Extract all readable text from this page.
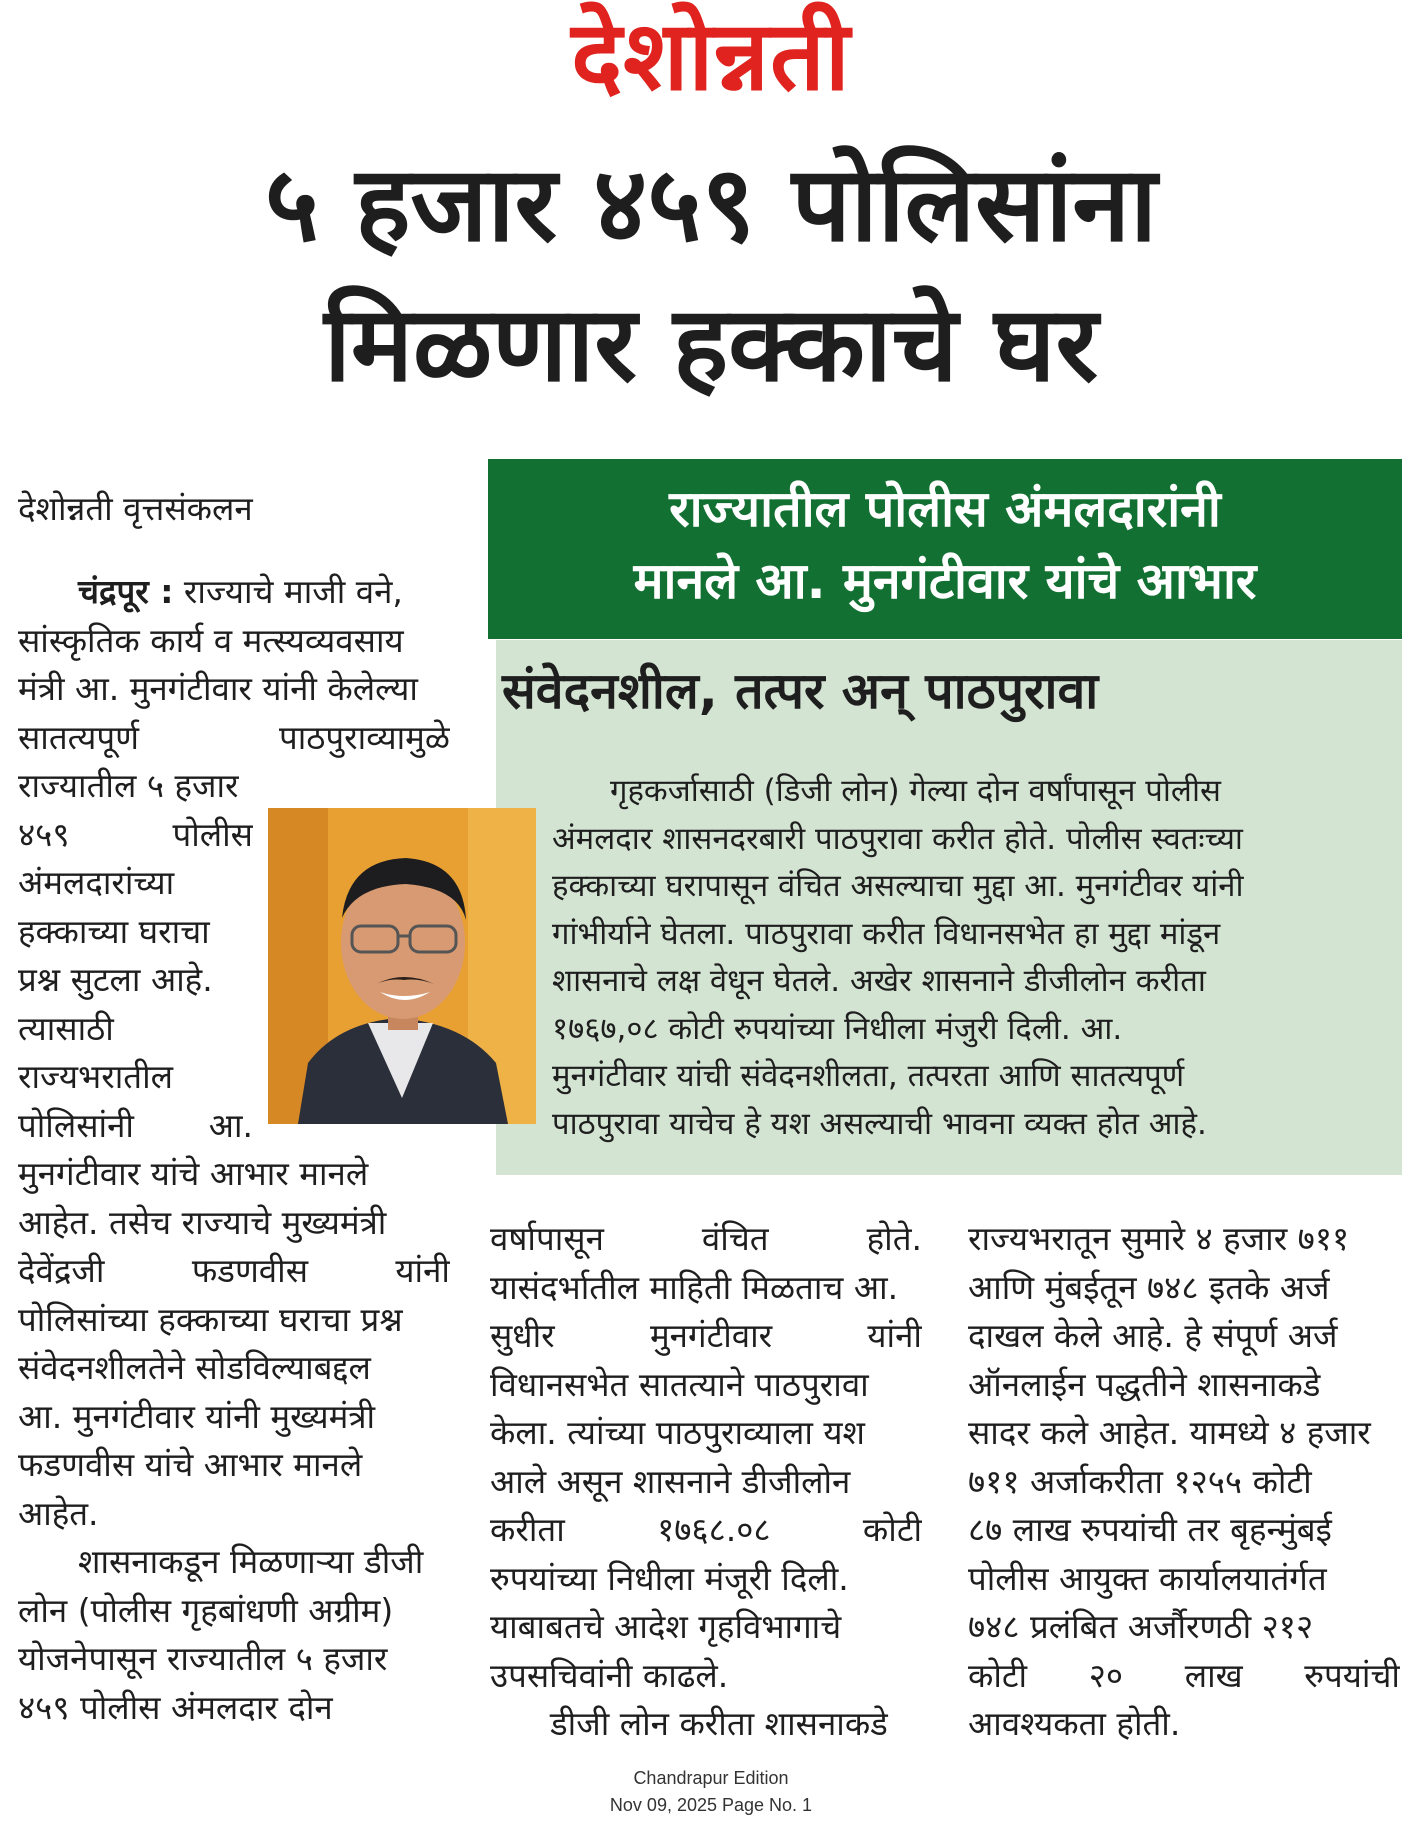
देशोन्नती
५ हजार ४५९ पोलिसांना
मिळणार हक्काचे घर
देशोन्नती वृत्तसंकलन	राज्यातील पोलीस अंमलदारांनी
मानले आ. मुनगंटीवार यांचे आभार
संवेदनशील, तत्पर अन् पाठपुरावा
गृहकर्जासाठी (डिजी लोन) गेल्या दोन वर्षांपासून पोलीस
अंमलदार शासनदरबारी पाठपुरावा करीत होते. पोलीस स्वतःच्या
हक्काच्या घरापासून वंचित असल्याचा मुद्दा आ. मुनगंटीवर यांनी
गांभीर्याने घेतला. पाठपुरावा करीत विधानसभेत हा मुद्दा मांडून
शासनाचे लक्ष वेधून घेतले. अखेर शासनाने डीजीलोन करीता
१७६७,०८ कोटी रुपयांच्या निधीला मंजुरी दिली. आ.
मुनगंटीवार यांची संवेदनशीलता, तत्परता आणि सातत्यपूर्ण
पाठपुरावा याचेच हे यश असल्याची भावना व्यक्त होत आहे.
चंद्रपूर : राज्याचे माजी वने,
सांस्कृतिक कार्य व मत्स्यव्यवसाय
मंत्री आ. मुनगंटीवार यांनी केलेल्या
सातत्यपूर्ण	पाठपुराव्यामुळे
राज्यातील ५ हजार
४५९	पोलीस
अंमलदारांच्या
हक्काच्या घराचा
प्रश्न सुटला आहे.
त्यासाठी
राज्यभरातील
पोलिसांनी आ.
मुनगंटीवार यांचे आभार मानले
आहेत. तसेच राज्याचे मुख्यमंत्री
देवेंद्रजी	फडणवीस	यांनी
पोलिसांच्या हक्काच्या घराचा प्रश्न
संवेदनशीलतेने सोडविल्याबद्दल
आ. मुनगंटीवार यांनी मुख्यमंत्री
फडणवीस यांचे आभार मानले
आहेत.
शासनाकडून मिळणाऱ्या डीजी
लोन (पोलीस गृहबांधणी अग्रीम)
योजनेपासून राज्यातील ५ हजार
४५९ पोलीस अंमलदार दोन
वर्षापासून	वंचित	होते.
यासंदर्भातील माहिती मिळताच आ.
सुधीर	मुनगंटीवार	यांनी
विधानसभेत सातत्याने पाठपुरावा
केला. त्यांच्या पाठपुराव्याला यश
आले असून शासनाने डीजीलोन
करीता	१७६८.०८	कोटी
रुपयांच्या निधीला मंजूरी दिली.
याबाबतचे आदेश गृहविभागाचे
उपसचिवांनी काढले.
डीजी लोन करीता शासनाकडे
राज्यभरातून सुमारे ४ हजार ७११
आणि मुंबईतून ७४८ इतके अर्ज
दाखल केले आहे. हे संपूर्ण अर्ज
ऑनलाईन पद्धतीने शासनाकडे
सादर कले आहेत. यामध्ये ४ हजार
७११ अर्जाकरीता १२५५ कोटी
८७ लाख रुपयांची तर बृहन्मुंबई
पोलीस आयुक्त कार्यालयातंर्गत
७४८ प्रलंबित अर्जौरणठी २१२
कोटी २० लाख रुपयांची
आवश्यकता होती.
Chandrapur Edition
Nov 09, 2025 Page No. 1
